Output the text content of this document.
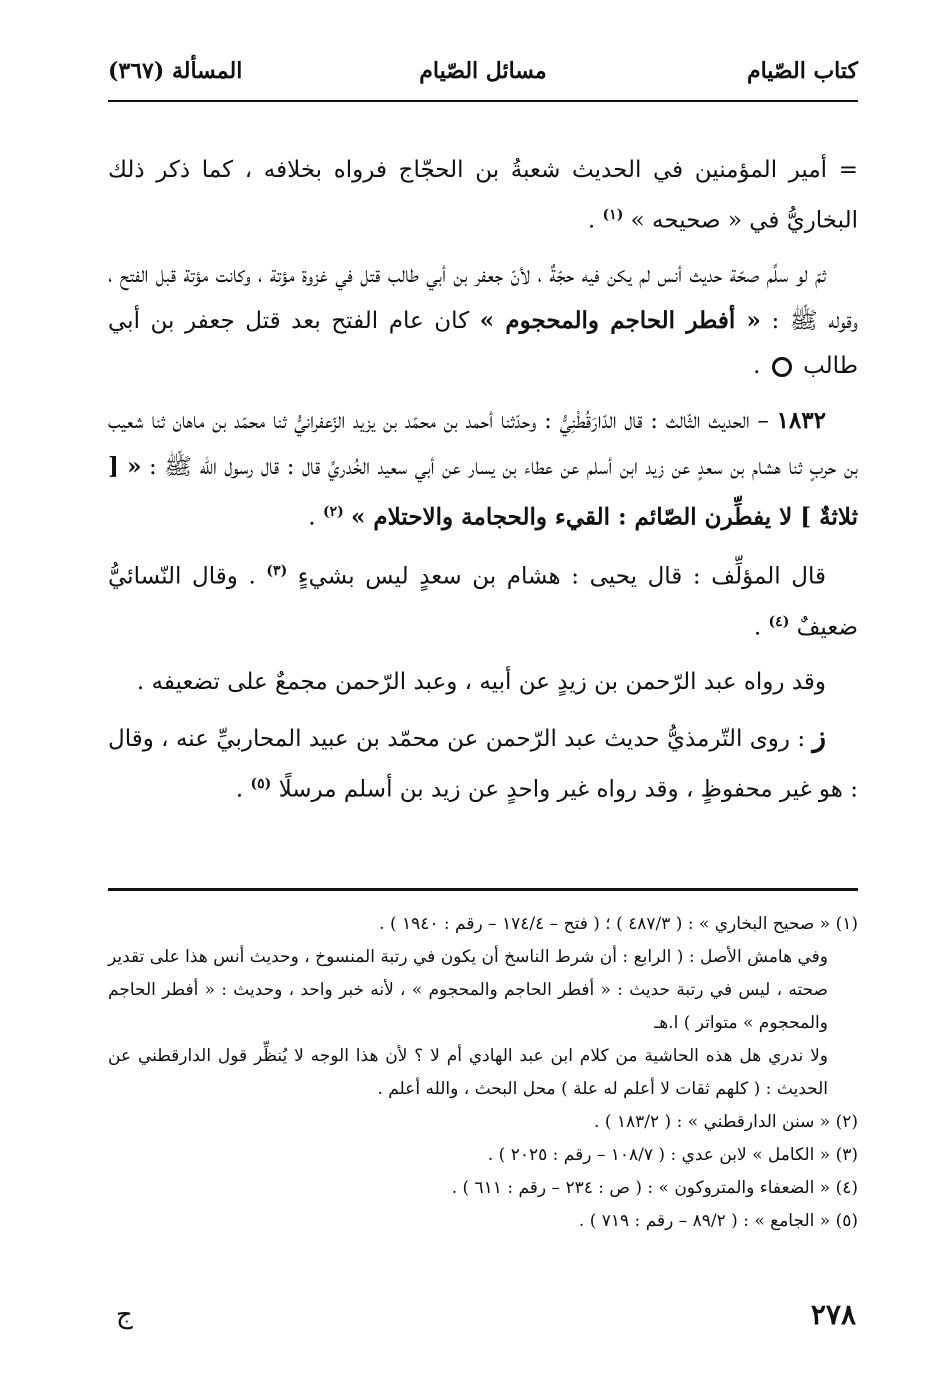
كتاب الصّيام
مسائل الصّيام
المسألة (٣٦٧)

= أمير المؤمنين في الحديث شعبةُ بن الحجّاج فرواه بخلافه ، كما ذكر ذلك البخاريُّ في « صحيحه » $^{(١)}$ .

ثمّ لو سلِّم صحّة حديث أنس لم يكن فيه حجّةٌ ، لأنّ جعفر بن أبي طالب قتل في غزوة مؤتة ، وكانت مؤتة قبل الفتح ، وقوله ﷺ : « أفطر الحاجم والمحجوم » كان عام الفتح بعد قتل جعفر بن أبي طالب  .

١٨٣٢ – الحديث الثّالث : قال الدّارَقُطْنِيُّ : وحدّثنا أحمد بن محمّد بن يزيد الزّعفرانيُّ ثنا محمّد بن ماهان ثنا شعيب بن حربٍ ثنا هشام بن سعدٍ عن زيد ابن أسلم عن عطاء بن يسار عن أبي سعيد الخُدريِّ قال : قال رسول الله ﷺ : « [ ثلاثةٌ ] لا يفطِّرن الصّائم : القيء والحجامة والاحتلام » $^{(٢)}$ .

قال المؤلِّف : قال يحيى : هشام بن سعدٍ ليس بشيءٍ $^{(٣)}$ . وقال النّسائيُّ ضعيفٌ $^{(٤)}$ .

وقد رواه عبد الرّحمن بن زيدٍ عن أبيه ، وعبد الرّحمن مجمعٌ على تضعيفه .

ز : روى التّرمذيُّ حديث عبد الرّحمن عن محمّد بن عبيد المحاربيِّ عنه ، وقال : هو غير محفوظٍ ، وقد رواه غير واحدٍ عن زيد بن أسلم مرسلًا $^{(٥)}$ .

(١) « صحيح البخاري » : ( ٤٨٧/٣ ) ؛ ( فتح – ١٧٤/٤ – رقم : ١٩٤٠ ) .

وفي هامش الأصل : ( الرابع : أن شرط الناسخ أن يكون في رتبة المنسوخ ، وحديث أنس هذا على تقدير صحته ، ليس في رتبة حديث : « أفطر الحاجم والمحجوم » ، لأنه خبر واحد ، وحديث : « أفطر الحاجم والمحجوم » متواتر ) ا.هـ

ولا ندري هل هذه الحاشية من كلام ابن عبد الهادي أم لا ؟ لأن هذا الوجه لا يُنظِّر قول الدارقطني عن الحديث : ( كلهم ثقات لا أعلم له علة ) محل البحث ، والله أعلم .

(٢) « سنن الدارقطني » : ( ١٨٣/٢ ) .

(٣) « الكامل » لابن عدي : ( ١٠٨/٧ – رقم : ٢٠٢٥ ) .

(٤) « الضعفاء والمتروكون » : ( ص : ٢٣٤ – رقم : ٦١١ ) .

(٥) « الجامع » : ( ٨٩/٢ – رقم : ٧١٩ ) .

٢٧٨
ج
